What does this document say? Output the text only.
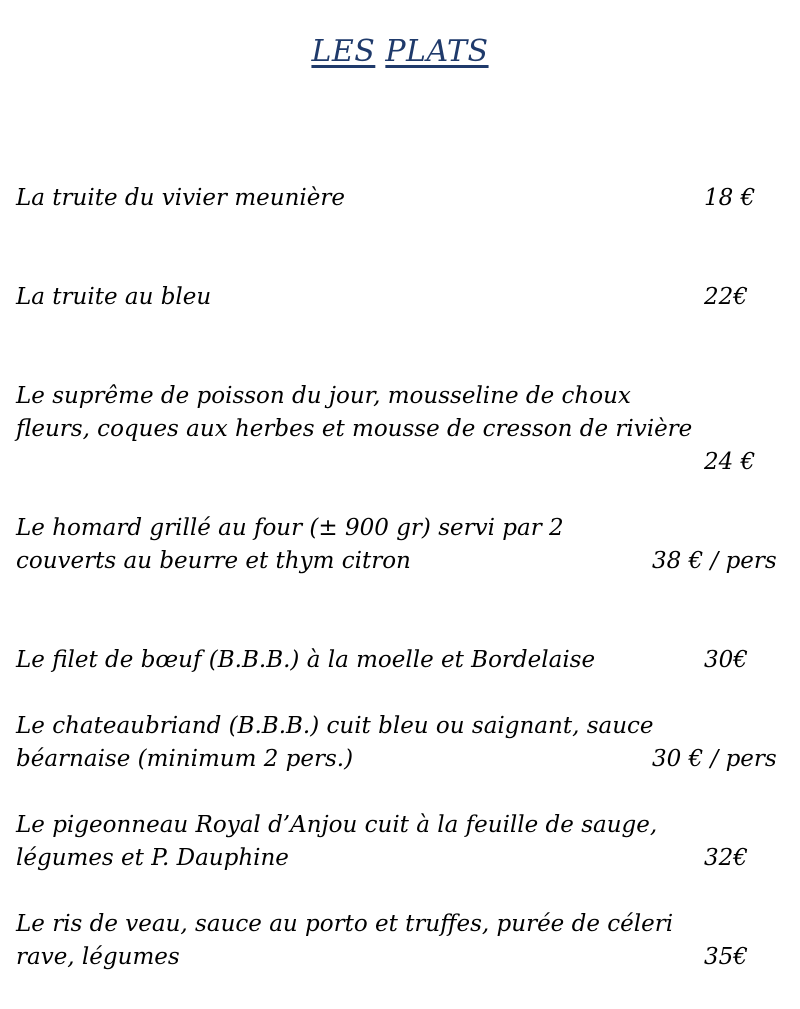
LES PLATS
La truite du vivier meunière	18 €
La truite au bleu	22€
Le suprême de poisson du jour, mousseline de choux
fleurs, coques aux herbes et mousse de cresson de rivière
24 €
Le homard grillé au four (± 900 gr) servi par 2
couverts au beurre et thym citron	38 € / pers
Le filet de bœuf (B.B.B.) à la moelle et Bordelaise	30€
Le chateaubriand (B.B.B.) cuit bleu ou saignant, sauce
béarnaise (minimum 2 pers.)	30 € / pers
Le pigeonneau Royal d’Anjou cuit à la feuille de sauge,
légumes et P. Dauphine	32€
Le ris de veau, sauce au porto et truffes, purée de céleri
rave, légumes	35€
